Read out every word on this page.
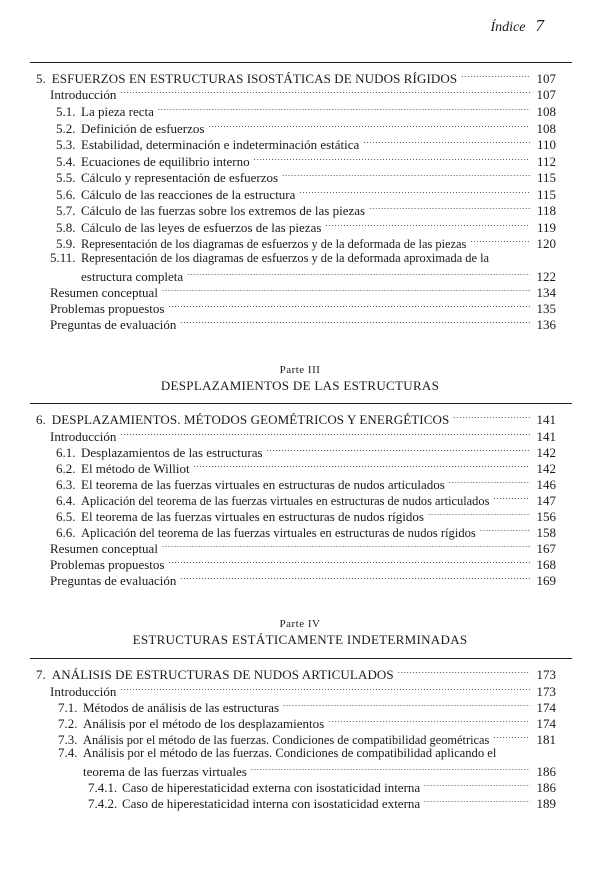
Índice 7
5. ESFUERZOS EN ESTRUCTURAS ISOSTÁTICAS DE NUDOS RÍGIDOS .....	107
Introducción .....	107
5.1. La pieza recta .....	108
5.2. Definición de esfuerzos .....	108
5.3. Estabilidad, determinación e indeterminación estática .....	110
5.4. Ecuaciones de equilibrio interno .....	112
5.5. Cálculo y representación de esfuerzos .....	115
5.6. Cálculo de las reacciones de la estructura .....	115
5.7. Cálculo de las fuerzas sobre los extremos de las piezas .....	118
5.8. Cálculo de las leyes de esfuerzos de las piezas .....	119
5.9. Representación de los diagramas de esfuerzos y de la deformada de las piezas .....	120
5.11. Representación de los diagramas de esfuerzos y de la deformada aproximada de la
estructura completa .....	122
Resumen conceptual .....	134
Problemas propuestos .....	135
Preguntas de evaluación .....	136
Parte III
DESPLAZAMIENTOS DE LAS ESTRUCTURAS
6. DESPLAZAMIENTOS. MÉTODOS GEOMÉTRICOS Y ENERGÉTICOS .....	141
Introducción .....	141
6.1. Desplazamientos de las estructuras .....	142
6.2. El método de Williot .....	142
6.3. El teorema de las fuerzas virtuales en estructuras de nudos articulados .....	146
6.4. Aplicación del teorema de las fuerzas virtuales en estructuras de nudos articulados .....	147
6.5. El teorema de las fuerzas virtuales en estructuras de nudos rígidos .....	156
6.6. Aplicación del teorema de las fuerzas virtuales en estructuras de nudos rígidos .....	158
Resumen conceptual .....	167
Problemas propuestos .....	168
Preguntas de evaluación .....	169
Parte IV
ESTRUCTURAS ESTÁTICAMENTE INDETERMINADAS
7. ANÁLISIS DE ESTRUCTURAS DE NUDOS ARTICULADOS .....	173
Introducción .....	173
7.1. Métodos de análisis de las estructuras .....	174
7.2. Análisis por el método de los desplazamientos .....	174
7.3. Análisis por el método de las fuerzas. Condiciones de compatibilidad geométricas .....	181
7.4. Análisis por el método de las fuerzas. Condiciones de compatibilidad aplicando el
teorema de las fuerzas virtuales .....	186
7.4.1. Caso de hiperestaticidad externa con isostaticidad interna .....	186
7.4.2. Caso de hiperestaticidad interna con isostaticidad externa .....	189
